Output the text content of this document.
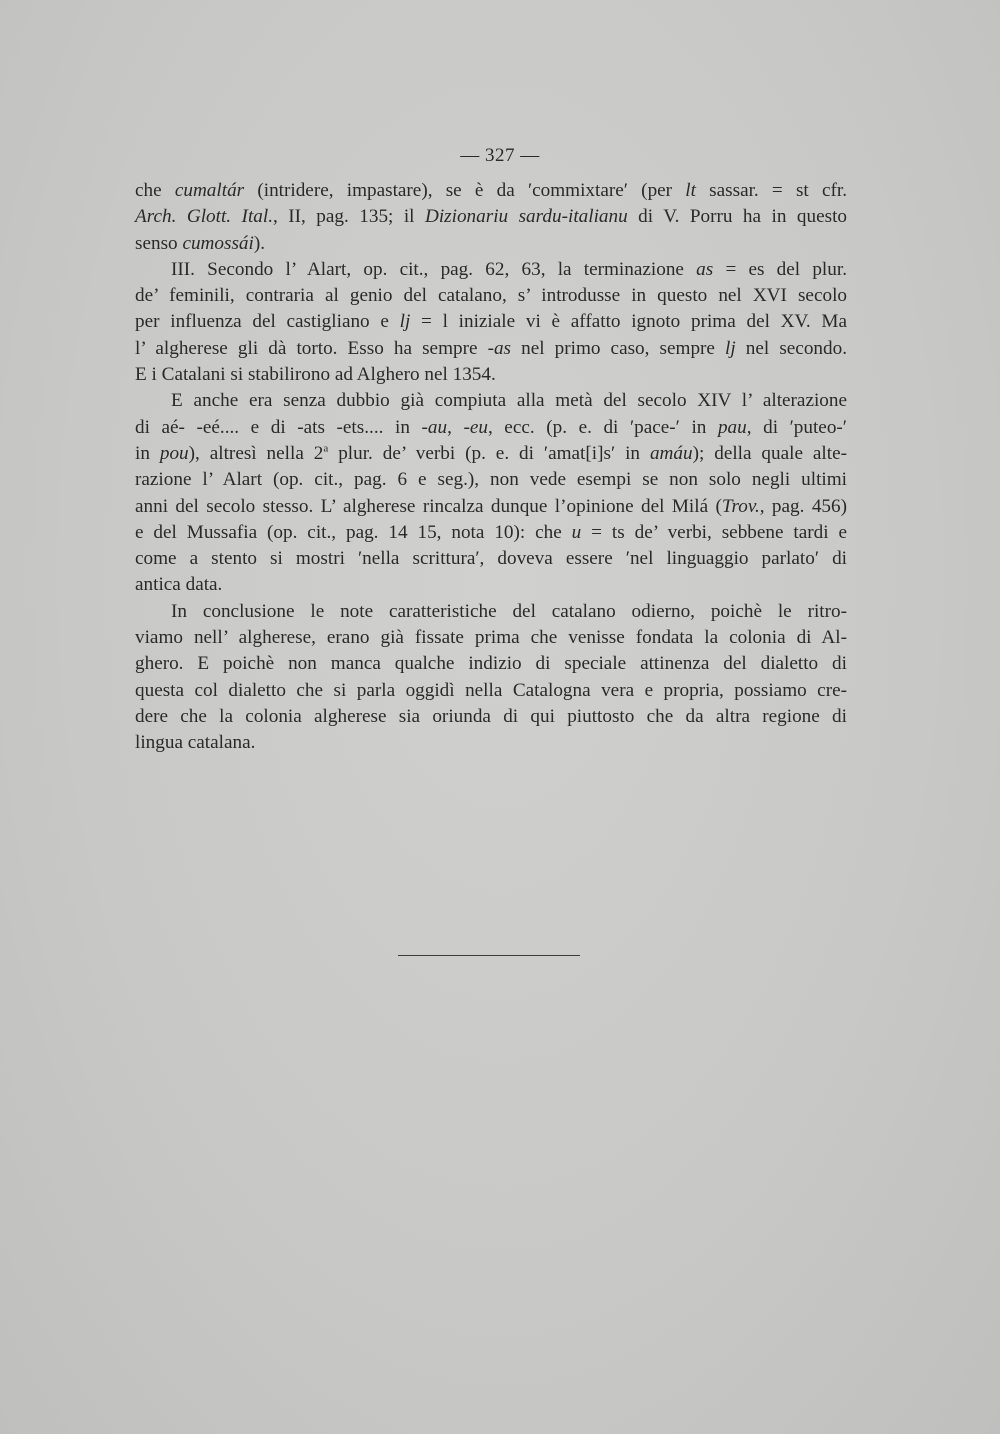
— 327 —
che cumaltár (intridere, impastare), se è da ʹcommixtareʹ (per lt sassar. = st cfr.
Arch. Glott. Ital., II, pag. 135; il Dizionariu sardu-italianu di V. Porru ha in questo
senso cumossái).
III. Secondo l’ Alart, op. cit., pag. 62, 63, la terminazione as = es del plur.
de’ feminili, contraria al genio del catalano, s’ introdusse in questo nel XVI secolo
per influenza del castigliano e lj = l iniziale vi è affatto ignoto prima del XV. Ma
l’ algherese gli dà torto. Esso ha sempre -as nel primo caso, sempre lj nel secondo.
E i Catalani si stabilirono ad Alghero nel 1354.
E anche era senza dubbio già compiuta alla metà del secolo XIV l’ alterazione
di aé- -eé.... e di -ats -ets.... in -au, -eu, ecc. (p. e. di ʹpace-ʹ in pau, di ʹputeo-ʹ
in pou), altresì nella 2$^a$ plur. de’ verbi (p. e. di ʹamat[i]sʹ in amáu); della quale alte-
razione l’ Alart (op. cit., pag. 6 e seg.), non vede esempi se non solo negli ultimi
anni del secolo stesso. L’ algherese rincalza dunque l’opinione del Milá (Trov., pag. 456)
e del Mussafia (op. cit., pag. 14 15, nota 10): che u = ts de’ verbi, sebbene tardi e
come a stento si mostri ʹnella scritturaʹ, doveva essere ʹnel linguaggio parlatoʹ di
antica data.
In conclusione le note caratteristiche del catalano odierno, poichè le ritro-
viamo nell’ algherese, erano già fissate prima che venisse fondata la colonia di Al-
ghero. E poichè non manca qualche indizio di speciale attinenza del dialetto di
questa col dialetto che si parla oggidì nella Catalogna vera e propria, possiamo cre-
dere che la colonia algherese sia oriunda di qui piuttosto che da altra regione di
lingua catalana.
